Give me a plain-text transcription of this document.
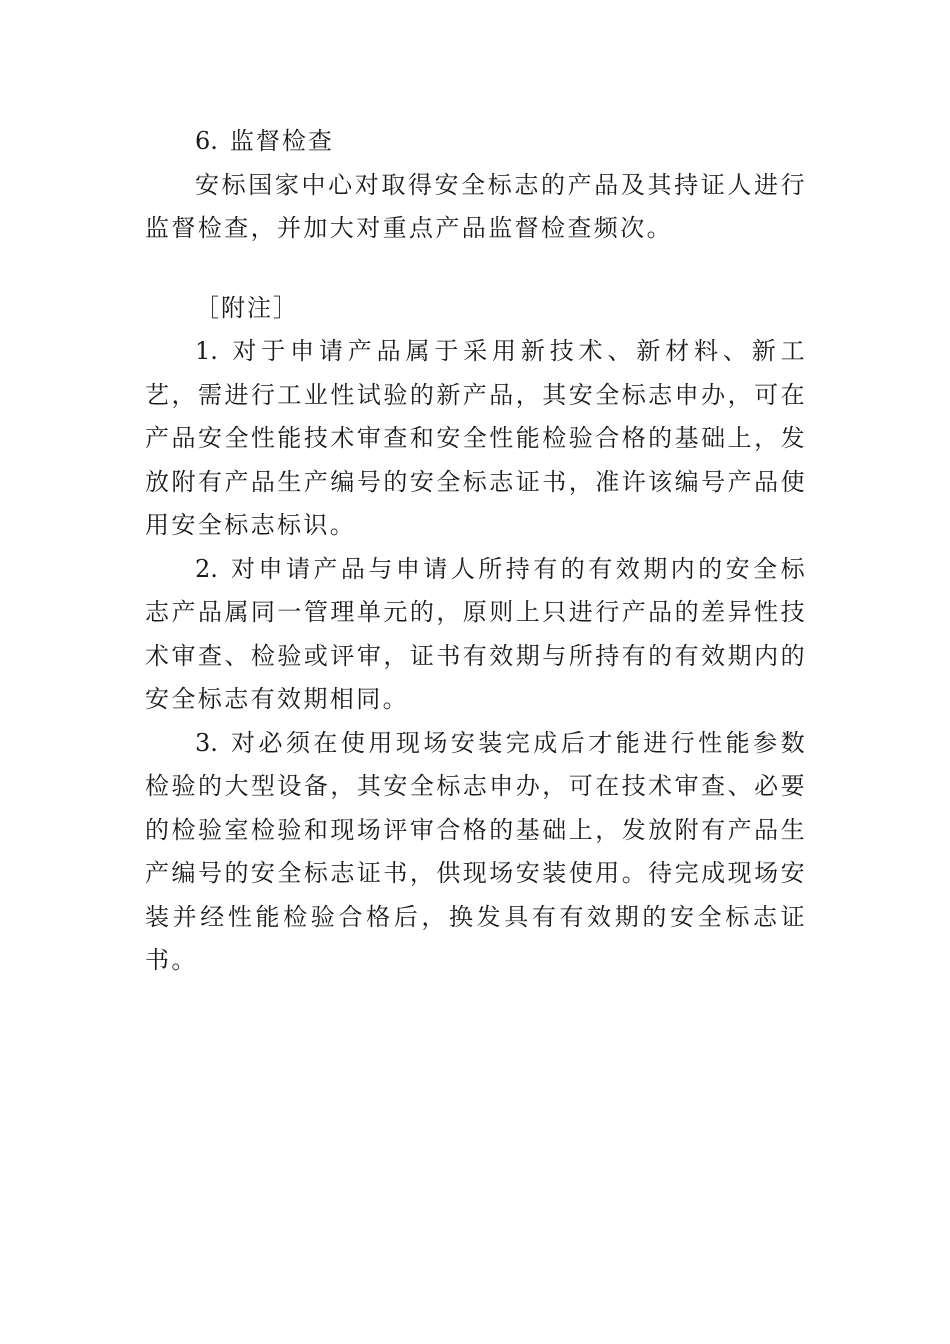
6. 监督检查

安标国家中心对取得安全标志的产品及其持证人进行监督检查，并加大对重点产品监督检查频次。

［附注］

1. 对于申请产品属于采用新技术、新材料、新工艺，需进行工业性试验的新产品，其安全标志申办，可在产品安全性能技术审查和安全性能检验合格的基础上，发放附有产品生产编号的安全标志证书，准许该编号产品使用安全标志标识。

2. 对申请产品与申请人所持有的有效期内的安全标志产品属同一管理单元的，原则上只进行产品的差异性技术审查、检验或评审，证书有效期与所持有的有效期内的安全标志有效期相同。

3. 对必须在使用现场安装完成后才能进行性能参数检验的大型设备，其安全标志申办，可在技术审查、必要的检验室检验和现场评审合格的基础上，发放附有产品生产编号的安全标志证书，供现场安装使用。待完成现场安装并经性能检验合格后，换发具有有效期的安全标志证书。
